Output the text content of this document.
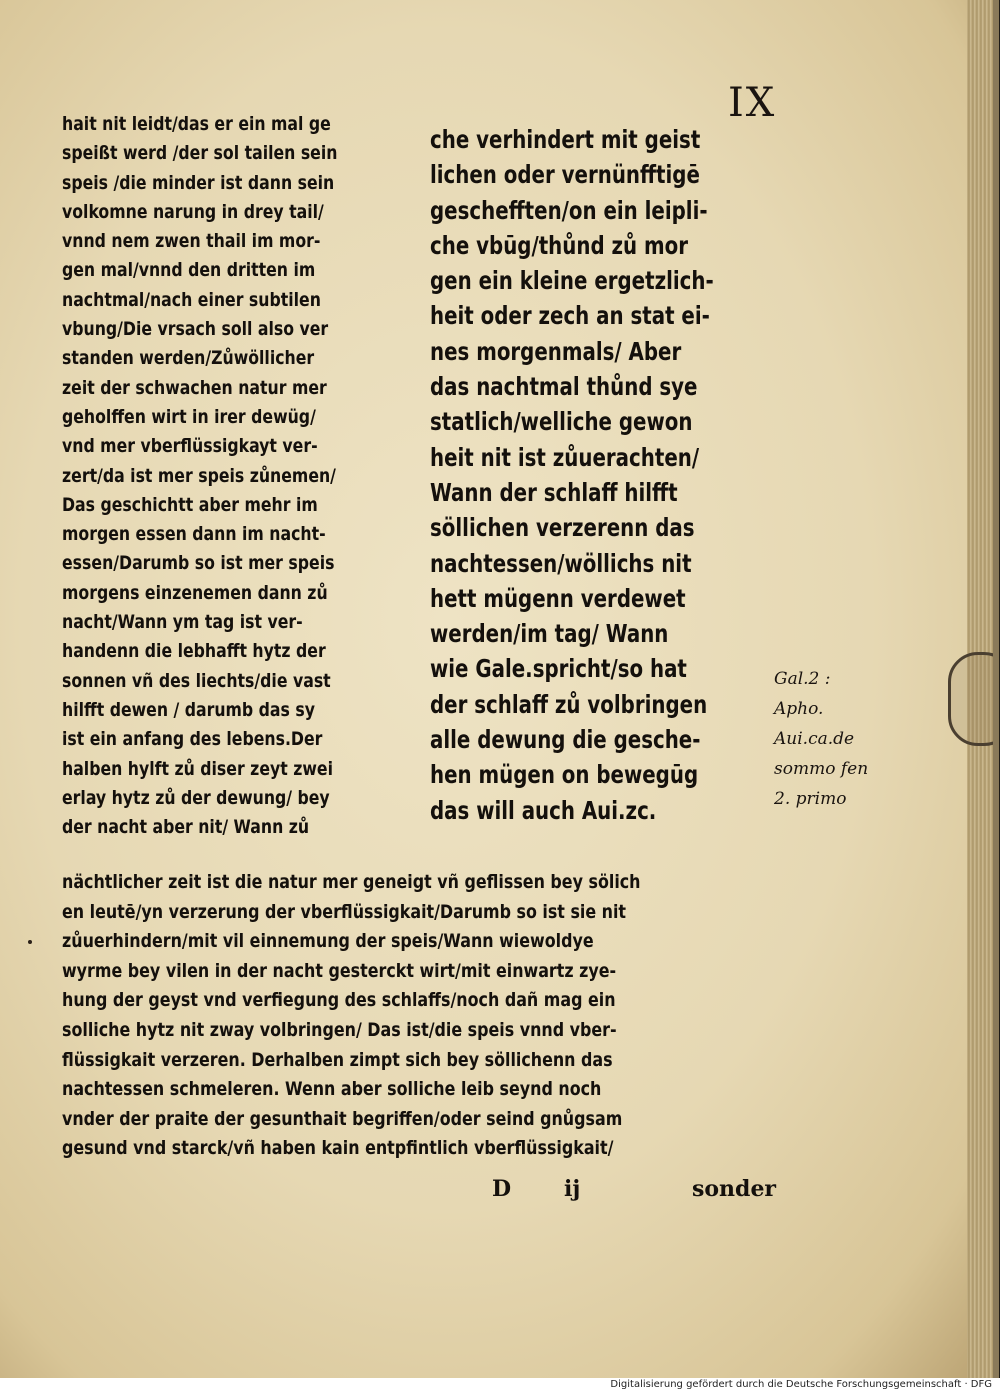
IX
hait nit leidt/das er ein mal ge
speißt werd /der sol tailen sein
speis /die minder ist dann sein
volkomne narung in drey tail/
vnnd nem zwen thail im mor-
gen mal/vnnd den dritten im
nachtmal/nach einer subtilen
vbung/Die vrsach soll also ver
standen werden/Zůwöllicher
zeit der schwachen natur mer
geholffen wirt in irer dewüg/
vnd mer vberflüssigkayt ver-
zert/da ist mer speis zůnemen/
Das geschichtt aber mehr im
morgen essen dann im nacht-
essen/Darumb so ist mer speis
morgens einzenemen dann zů
nacht/Wann ym tag ist ver-
handenn die lebhafft hytz der
sonnen vñ des liechts/die vast
hilfft dewen / darumb das sy
ist ein anfang des lebens.Der
halben hylft zů diser zeyt zwei
erlay hytz zů der dewung/ bey
der nacht aber nit/ Wann zů
che verhindert mit geist
lichen oder vernünfftigē
geschefften/on ein leipli-
che vbūg/thůnd zů mor
gen ein kleine ergetzlich-
heit oder zech an stat ei-
nes morgenmals/ Aber
das nachtmal thůnd sye
statlich/welliche gewon
heit nit ist zůuerachten/
Wann der schlaff hilfft
söllichen verzerenn das
nachtessen/wöllichs nit
hett mügenn verdewet
werden/im tag/ Wann
wie Gale.spricht/so hat
der schlaff zů volbringen
alle dewung die gesche-
hen mügen on bewegūg
das will auch Aui.zc.
Gal.2 :
Apho.
Aui.ca.de
sommo fen
2. primo
nächtlicher zeit ist die natur mer geneigt vñ geflissen bey sölich
en leutē/yn verzerung der vberflüssigkait/Darumb so ist sie nit
zůuerhindern/mit vil einnemung der speis/Wann wiewoldye
wyrme bey vilen in der nacht gesterckt wirt/mit einwartz zye-
hung der geyst vnd verfiegung des schlaffs/noch dañ mag ein
solliche hytz nit zway volbringen/ Das ist/die speis vnnd vber-
flüssigkait verzeren. Derhalben zimpt sich bey söllichenn das
nachtessen schmeleren. Wenn aber solliche leib seynd noch
vnder der praite der gesunthait begriffen/oder seind gnůgsam
gesund vnd starck/vñ haben kain entpfintlich vberflüssigkait/
D ij	sonder
Digitalisierung gefördert durch die Deutsche Forschungsgemeinschaft · DFG
